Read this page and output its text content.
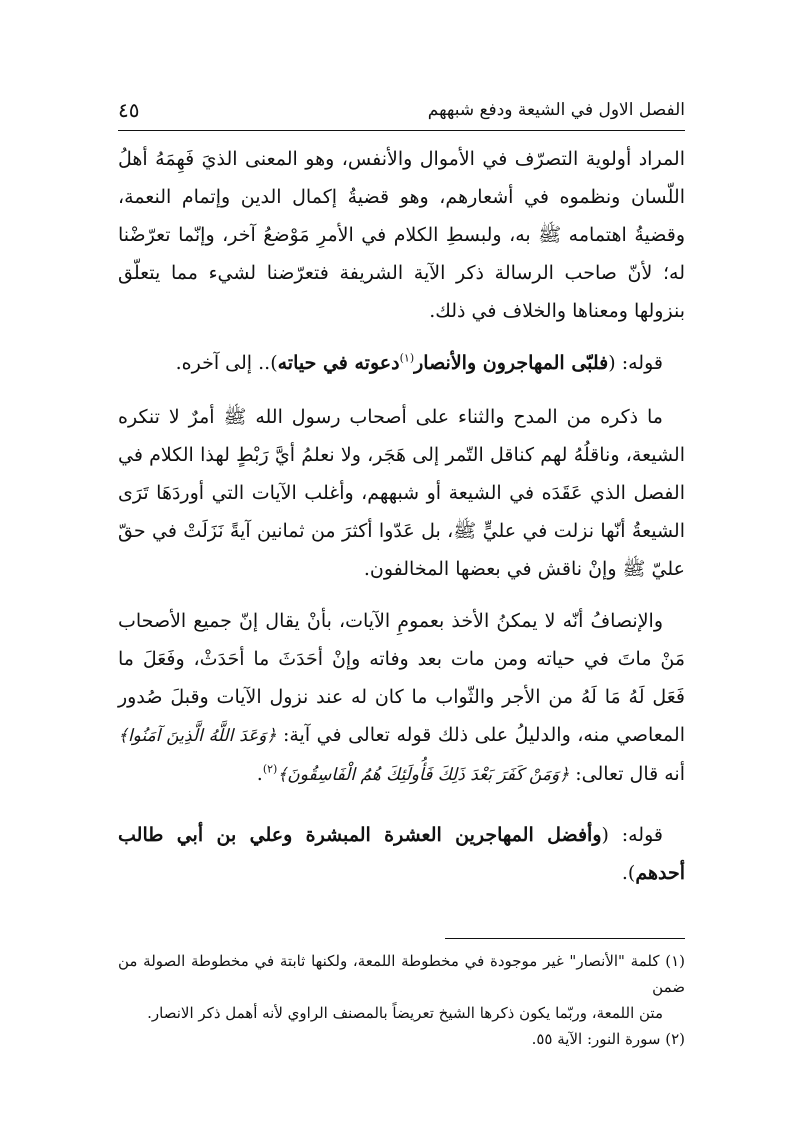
الفصل الاول في الشيعة ودفع شبههم
٤٥

المراد أولوية التصرّف في الأموال والأنفس، وهو المعنى الذيَ فَهِمَهُ أهلُ اللّسان ونظموه في أشعارهم، وهو قضيةُ إكمال الدين وإتمام النعمة، وقضيةُ اهتمامه ﷺ به، ولبسطِ الكلام في الأمرِ مَوْضعُ آخر، وإنّما تعرّضْنا له؛ لأنّ صاحب الرسالة ذكر الآية الشريفة فتعرّضنا لشيء مما يتعلّق بنزولها ومعناها والخلاف في ذلك.

قوله: (فلبّى المهاجرون والأنصار$^{(١)}$دعوته في حياته).. إلى آخره.

ما ذكره من المدح والثناء على أصحاب رسول الله ﷺ أمرٌ لا تنكره الشيعة، وناقلُهُ لهم كناقل التّمر إلى هَجَر، ولا نعلمُ أيَّ رَبْطٍ لهذا الكلام في الفصل الذي عَقَدَه في الشيعة أو شبههم، وأغلب الآيات التي أوردَهَا تَرَى الشيعةُ أنّها نزلت في عليٍّ ﷺ، بل عَدّوا أكثرَ من ثمانين آيةً نَزَلَتْ في حقّ عليّ ﷺ وإنْ ناقش في بعضها المخالفون.

والإنصافُ أنّه لا يمكنُ الأخذ بعمومِ الآيات، بأنْ يقال إنّ جميع الأصحاب مَنْ ماتَ في حياته ومن مات بعد وفاته وإنْ أحَدَثَ ما أحَدَثْ، وفَعَلَ ما فَعَل لَهُ مَا لَهُ من الأجر والثّواب ما كان له عند نزول الآيات وقبلَ صُدور المعاصي منه، والدليلُ على ذلك قوله تعالى في آية: ﴿وَعَدَ اللَّهُ الَّذِينَ آمَنُوا﴾ أنه قال تعالى: ﴿وَمَنْ كَفَرَ بَعْدَ ذَلِكَ فَأُولَئِكَ هُمُ الْفَاسِقُونَ﴾$^{(٢)}$.

قوله: (وأفضل المهاجرين العشرة المبشرة وعلي بن أبي طالب أحدهم).

(١) كلمة "الأنصار" غير موجودة في مخطوطة اللمعة، ولكنها ثابتة في مخطوطة الصولة من ضمن
متن اللمعة، وربّما يكون ذكرها الشيخ تعريضاً بالمصنف الراوي لأنه أهمل ذكر الانصار.
(٢) سورة النور: الآية ٥٥.
